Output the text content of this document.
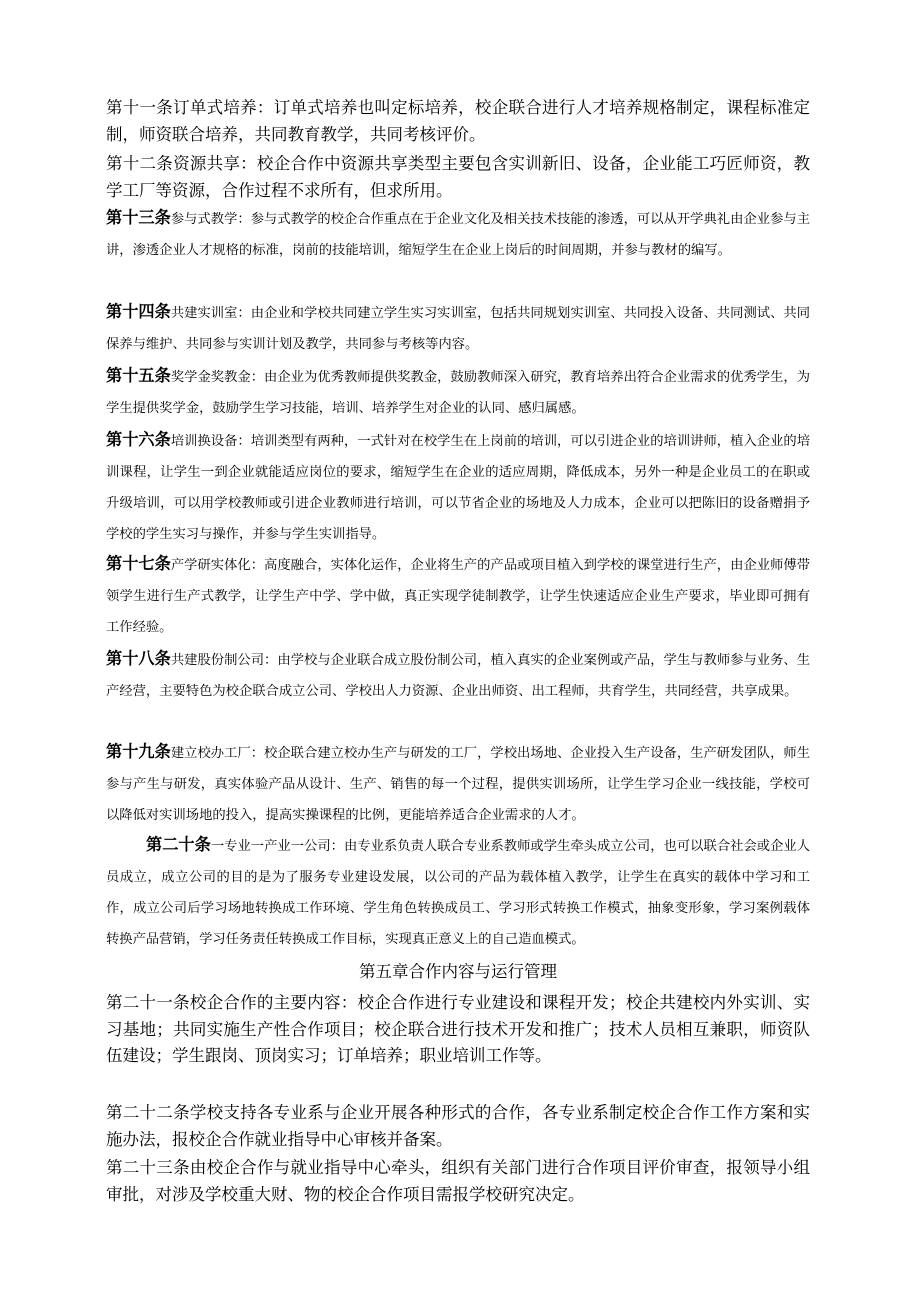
第十一条订单式培养：订单式培养也叫定标培养，校企联合进行人才培养规格制定，课程标准定制，师资联合培养，共同教育教学，共同考核评价。

第十二条资源共享：校企合作中资源共享类型主要包含实训新旧、设备，企业能工巧匠师资，教学工厂等资源，合作过程不求所有，但求所用。

第十三条参与式教学：参与式教学的校企合作重点在于企业文化及相关技术技能的渗透，可以从开学典礼由企业参与主讲，渗透企业人才规格的标准，岗前的技能培训，缩短学生在企业上岗后的时间周期，并参与教材的编写。

第十四条共建实训室：由企业和学校共同建立学生实习实训室，包括共同规划实训室、共同投入设备、共同测试、共同保养与维护、共同参与实训计划及教学，共同参与考核等内容。

第十五条奖学金奖教金：由企业为优秀教师提供奖教金，鼓励教师深入研究，教育培养出符合企业需求的优秀学生，为学生提供奖学金，鼓励学生学习技能，培训、培养学生对企业的认同、感归属感。

第十六条培训换设备：培训类型有两种，一式针对在校学生在上岗前的培训，可以引进企业的培训讲师，植入企业的培训课程，让学生一到企业就能适应岗位的要求，缩短学生在企业的适应周期，降低成本，另外一种是企业员工的在职或升级培训，可以用学校教师或引进企业教师进行培训，可以节省企业的场地及人力成本，企业可以把陈旧的设备赠捐予学校的学生实习与操作，并参与学生实训指导。

第十七条产学研实体化：高度融合，实体化运作，企业将生产的产品或项目植入到学校的课堂进行生产，由企业师傅带领学生进行生产式教学，让学生产中学、学中做，真正实现学徒制教学，让学生快速适应企业生产要求，毕业即可拥有工作经验。

第十八条共建股份制公司：由学校与企业联合成立股份制公司，植入真实的企业案例或产品，学生与教师参与业务、生产经营，主要特色为校企联合成立公司、学校出人力资源、企业出师资、出工程师，共育学生，共同经营，共享成果。

第十九条建立校办工厂：校企联合建立校办生产与研发的工厂，学校出场地、企业投入生产设备，生产研发团队，师生参与产生与研发，真实体验产品从设计、生产、销售的每一个过程，提供实训场所，让学生学习企业一线技能，学校可以降低对实训场地的投入，提高实操课程的比例，更能培养适合企业需求的人才。

第二十条一专业一产业一公司：由专业系负责人联合专业系教师或学生牵头成立公司，也可以联合社会或企业人员成立，成立公司的目的是为了服务专业建设发展，以公司的产品为载体植入教学，让学生在真实的载体中学习和工作，成立公司后学习场地转换成工作环境、学生角色转换成员工、学习形式转换工作模式，抽象变形象，学习案例载体转换产品营销，学习任务责任转换成工作目标，实现真正意义上的自己造血模式。

第五章合作内容与运行管理

第二十一条校企合作的主要内容：校企合作进行专业建设和课程开发；校企共建校内外实训、实习基地；共同实施生产性合作项目；校企联合进行技术开发和推广；技术人员相互兼职，师资队伍建设；学生跟岗、顶岗实习；订单培养；职业培训工作等。

第二十二条学校支持各专业系与企业开展各种形式的合作，各专业系制定校企合作工作方案和实施办法，报校企合作就业指导中心审核并备案。

第二十三条由校企合作与就业指导中心牵头，组织有关部门进行合作项目评价审查，报领导小组审批，对涉及学校重大财、物的校企合作项目需报学校研究决定。
